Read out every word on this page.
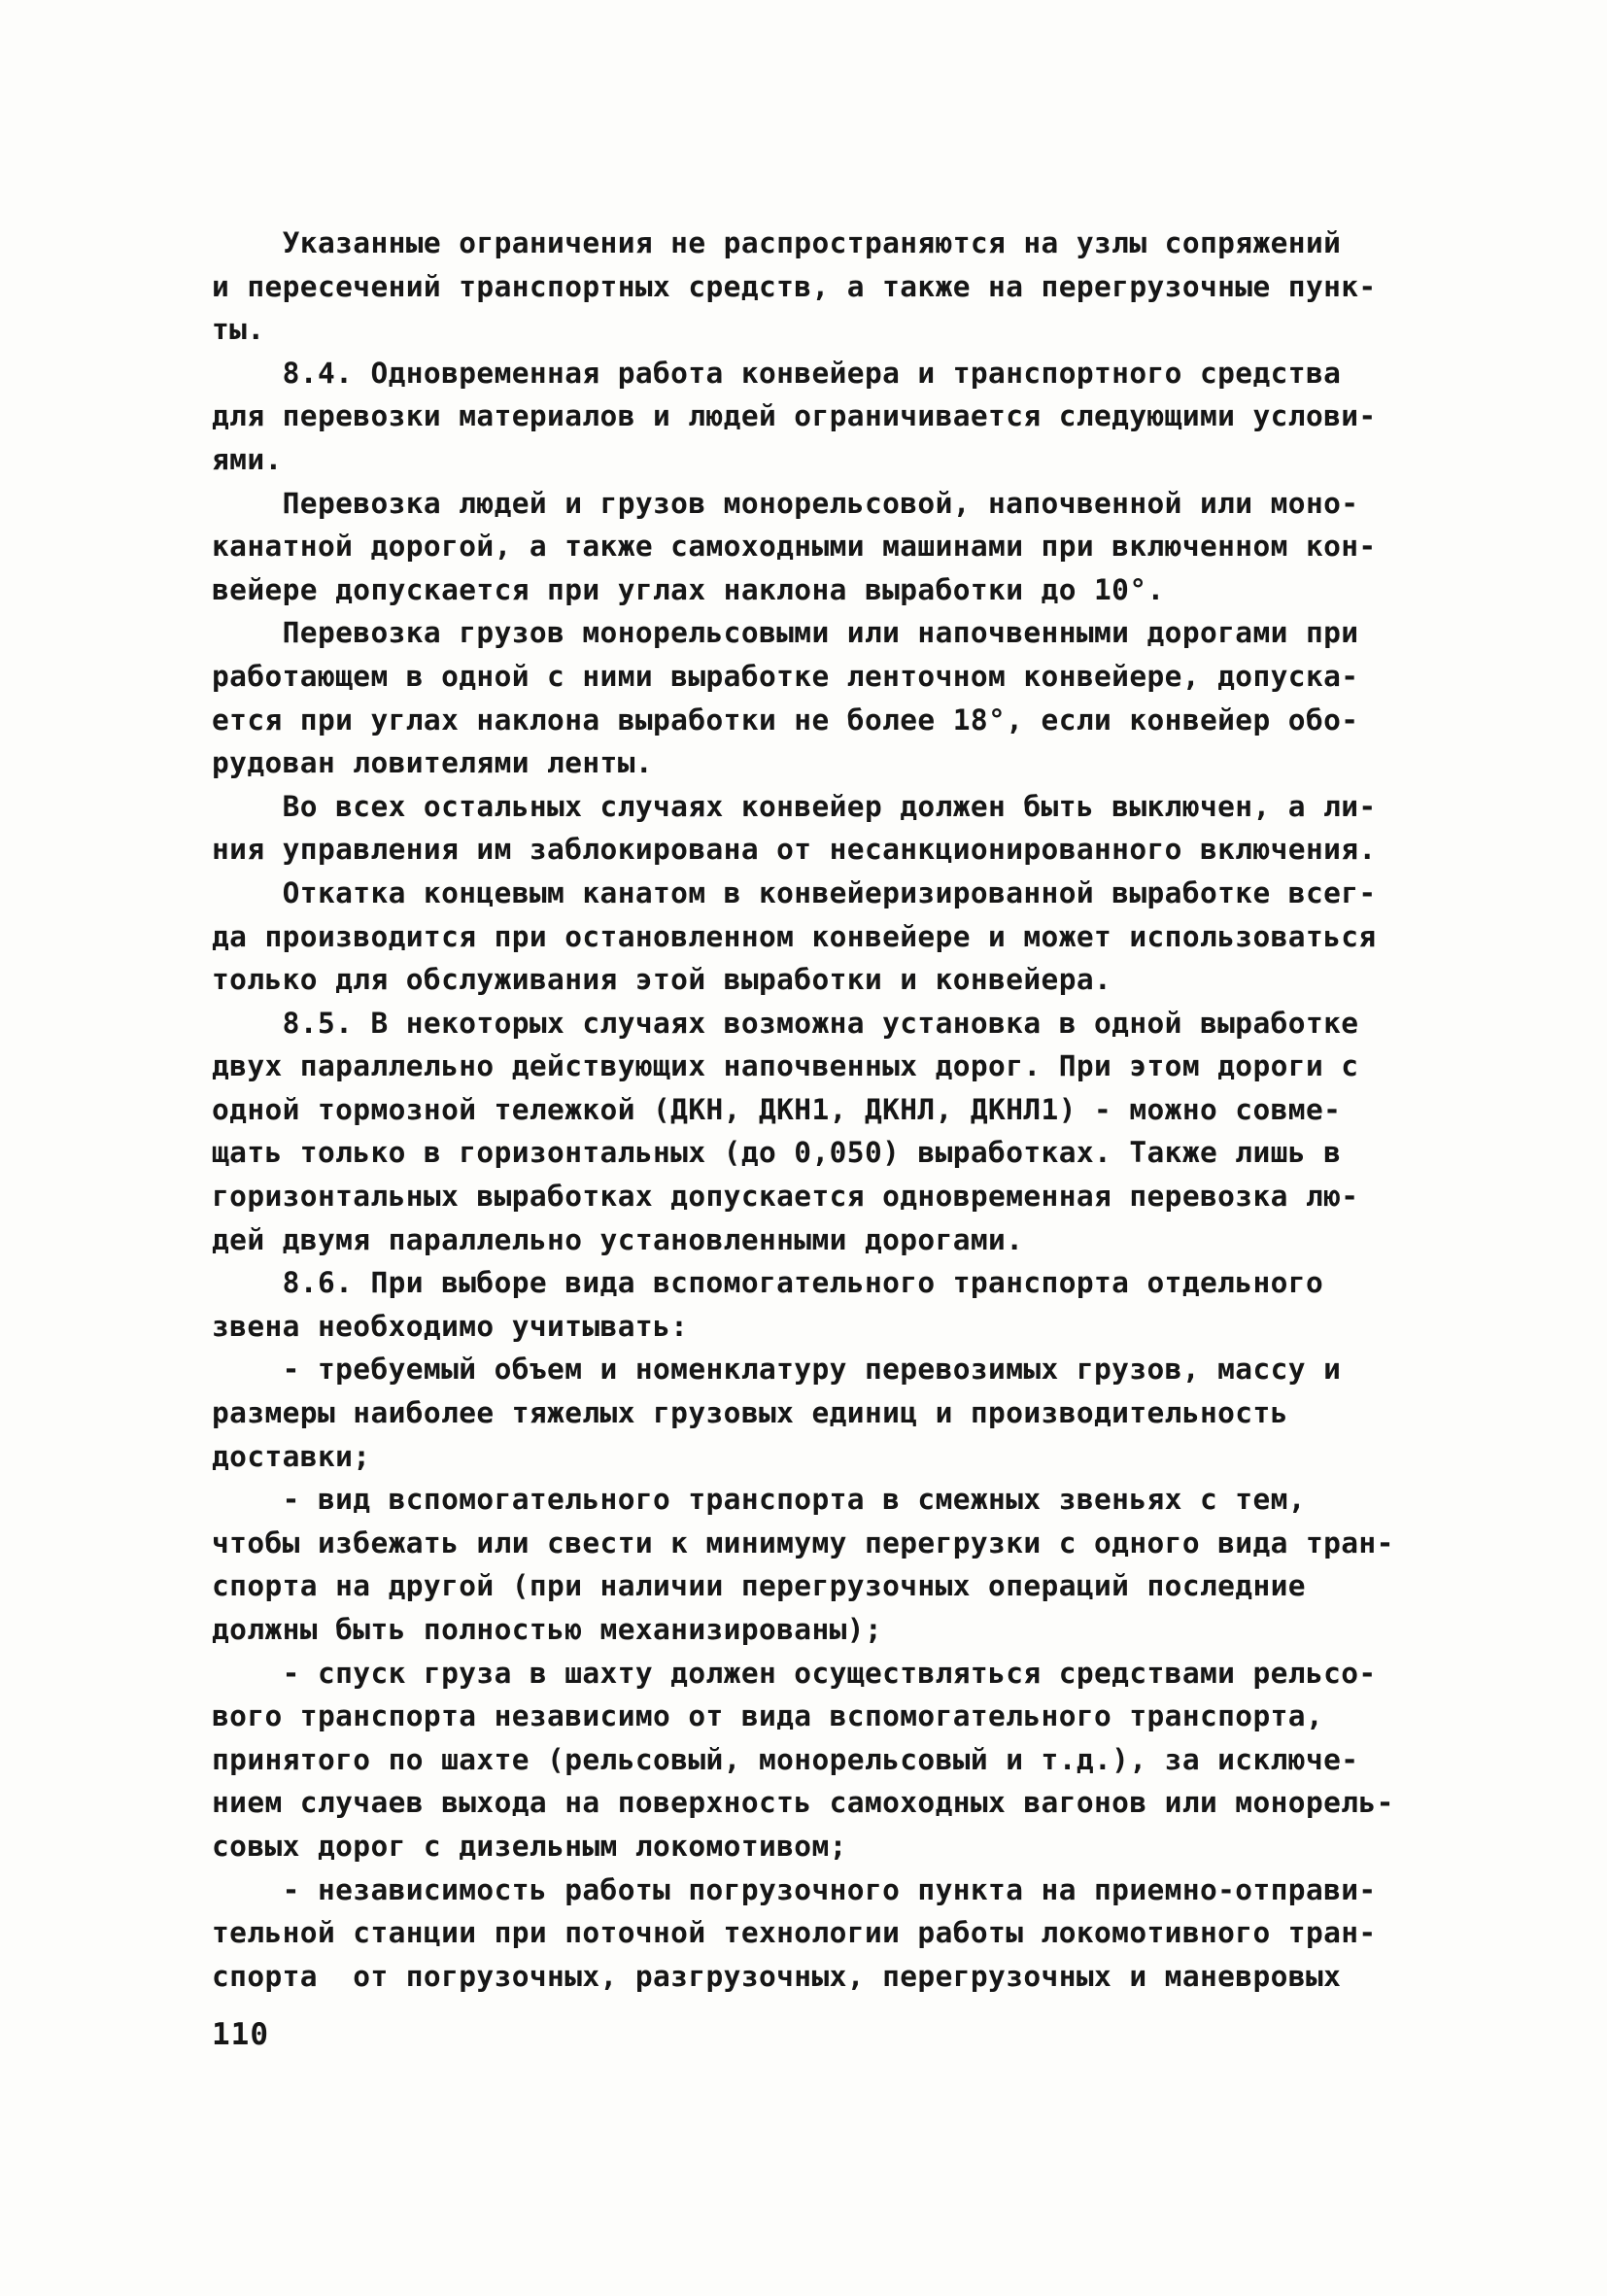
Указанные ограничения не распространяются на узлы сопряжений

и пересечений транспортных средств, а также на перегрузочные пунк-

ты.

8.4. Одновременная работа конвейера и транспортного средства

для перевозки материалов и людей ограничивается следующими услови-

ями.

Перевозка людей и грузов монорельсовой, напочвенной или моно-

канатной дорогой, а также самоходными машинами при включенном кон-

вейере допускается при углах наклона выработки до 10°.

Перевозка грузов монорельсовыми или напочвенными дорогами при

работающем в одной с ними выработке ленточном конвейере, допуска-

ется при углах наклона выработки не более 18°, если конвейер обо-

рудован ловителями ленты.

Во всех остальных случаях конвейер должен быть выключен, а ли-

ния управления им заблокирована от несанкционированного включения.

Откатка концевым канатом в конвейеризированной выработке всег-

да производится при остановленном конвейере и может использоваться

только для обслуживания этой выработки и конвейера.

8.5. В некоторых случаях возможна установка в одной выработке

двух параллельно действующих напочвенных дорог. При этом дороги с

одной тормозной тележкой (ДКН, ДКН1, ДКНЛ, ДКНЛ1) - можно совме-

щать только в горизонтальных (до 0,050) выработках. Также лишь в

горизонтальных выработках допускается одновременная перевозка лю-

дей двумя параллельно установленными дорогами.

8.6. При выборе вида вспомогательного транспорта отдельного

звена необходимо учитывать:

- требуемый объем и номенклатуру перевозимых грузов, массу и

размеры наиболее тяжелых грузовых единиц и производительность

доставки;

- вид вспомогательного транспорта в смежных звеньях с тем,

чтобы избежать или свести к минимуму перегрузки с одного вида тран-

спорта на другой (при наличии перегрузочных операций последние

должны быть полностью механизированы);

- спуск груза в шахту должен осуществляться средствами рельсо-

вого транспорта независимо от вида вспомогательного транспорта,

принятого по шахте (рельсовый, монорельсовый и т.д.), за исключе-

нием случаев выхода на поверхность самоходных вагонов или монорель-

совых дорог с дизельным локомотивом;

- независимость работы погрузочного пункта на приемно-отправи-

тельной станции при поточной технологии работы локомотивного тран-

спорта  от погрузочных, разгрузочных, перегрузочных и маневровых

110
